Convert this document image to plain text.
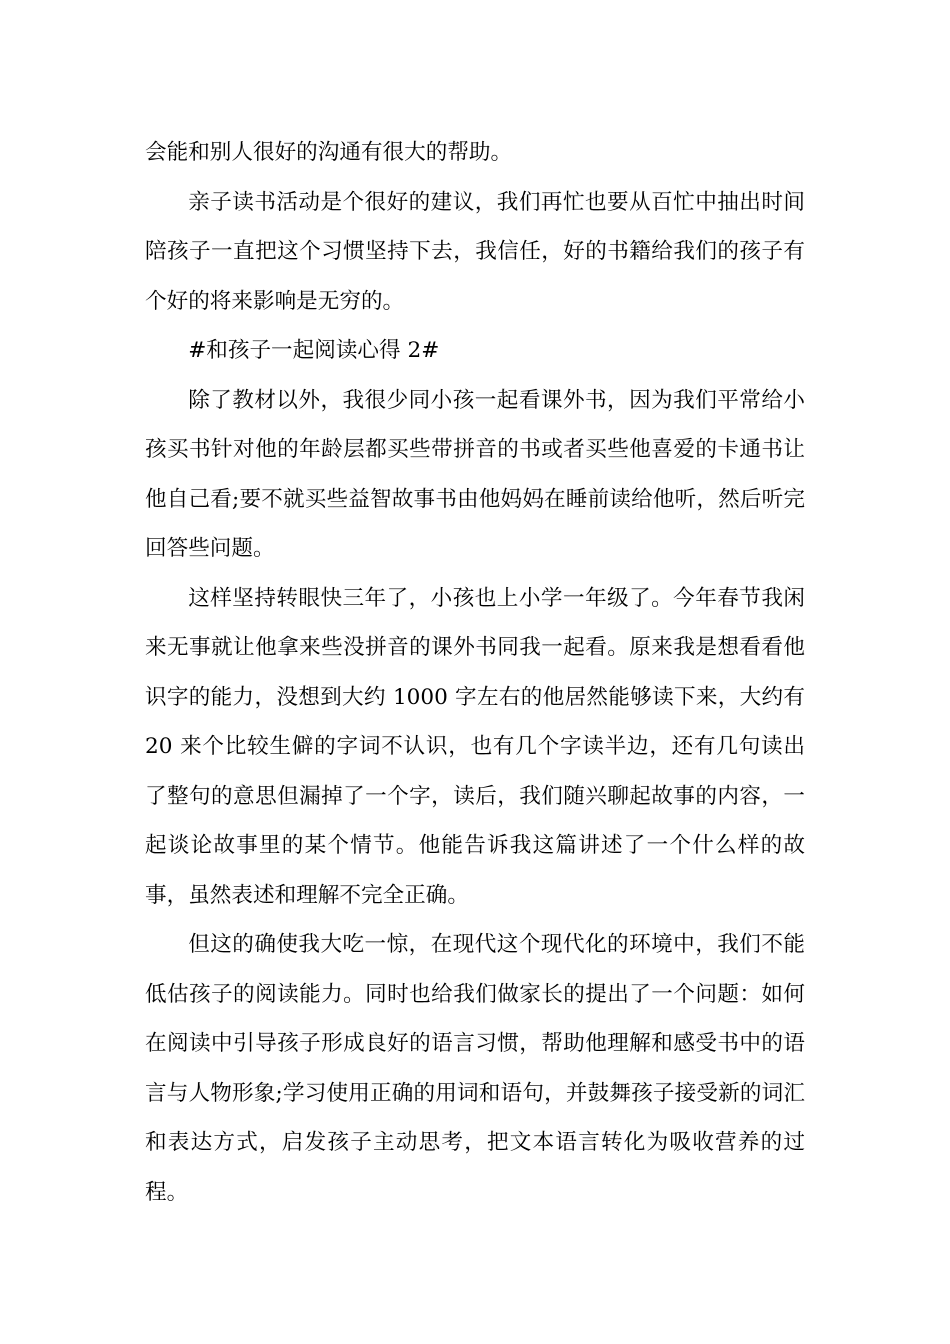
会能和别人很好的沟通有很大的帮助。

亲子读书活动是个很好的建议，我们再忙也要从百忙中抽出时间陪孩子一直把这个习惯坚持下去，我信任，好的书籍给我们的孩子有个好的将来影响是无穷的。

#和孩子一起阅读心得 2#

除了教材以外，我很少同小孩一起看课外书，因为我们平常给小孩买书针对他的年龄层都买些带拼音的书或者买些他喜爱的卡通书让他自己看;要不就买些益智故事书由他妈妈在睡前读给他听，然后听完回答些问题。

这样坚持转眼快三年了，小孩也上小学一年级了。今年春节我闲来无事就让他拿来些没拼音的课外书同我一起看。原来我是想看看他识字的能力，没想到大约 1000 字左右的他居然能够读下来，大约有 20 来个比较生僻的字词不认识，也有几个字读半边，还有几句读出了整句的意思但漏掉了一个字，读后，我们随兴聊起故事的内容，一起谈论故事里的某个情节。他能告诉我这篇讲述了一个什么样的故事，虽然表述和理解不完全正确。

但这的确使我大吃一惊，在现代这个现代化的环境中，我们不能低估孩子的阅读能力。同时也给我们做家长的提出了一个问题：如何在阅读中引导孩子形成良好的语言习惯，帮助他理解和感受书中的语言与人物形象;学习使用正确的用词和语句，并鼓舞孩子接受新的词汇和表达方式，启发孩子主动思考，把文本语言转化为吸收营养的过程。
